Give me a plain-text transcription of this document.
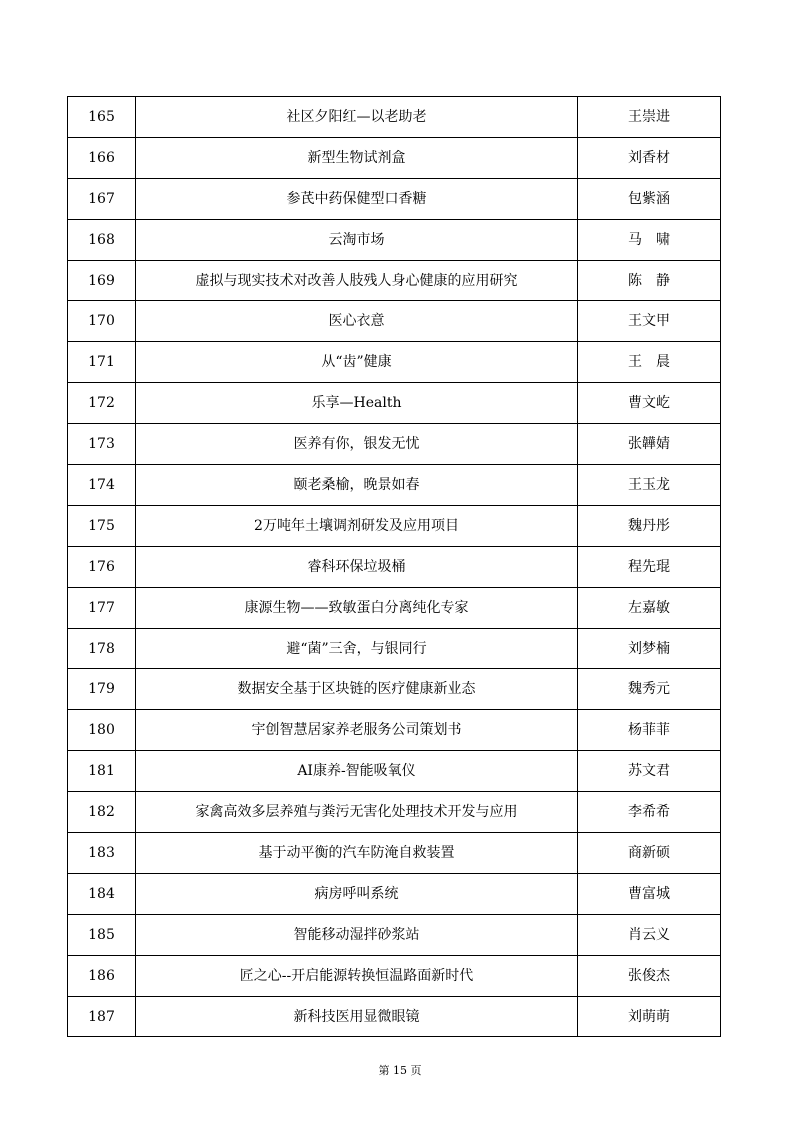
165	社区夕阳红—以老助老	王崇进
166	新型生物试剂盒	刘香材
167	参芪中药保健型口香糖	包紫涵
168	云淘市场	马　啸
169	虚拟与现实技术对改善人肢残人身心健康的应用研究	陈　静
170	医心衣意	王文甲
171	从“齿”健康	王　晨
172	乐享—Health	曹文屹
173	医养有你，银发无忧	张韡婧
174	颐老桑榆，晚景如春	王玉龙
175	2万吨年土壤调剂研发及应用项目	魏丹彤
176	睿科环保垃圾桶	程先琨
177	康源生物——致敏蛋白分离纯化专家	左嘉敏
178	避“菌”三舍，与银同行	刘梦楠
179	数据安全基于区块链的医疗健康新业态	魏秀元
180	宇创智慧居家养老服务公司策划书	杨菲菲
181	AI康养-智能吸氧仪	苏文君
182	家禽高效多层养殖与粪污无害化处理技术开发与应用	李希希
183	基于动平衡的汽车防淹自救装置	商新硕
184	病房呼叫系统	曹富城
185	智能移动湿拌砂浆站	肖云义
186	匠之心--开启能源转换恒温路面新时代	张俊杰
187	新科技医用显微眼镜	刘萌萌
第 15 页
